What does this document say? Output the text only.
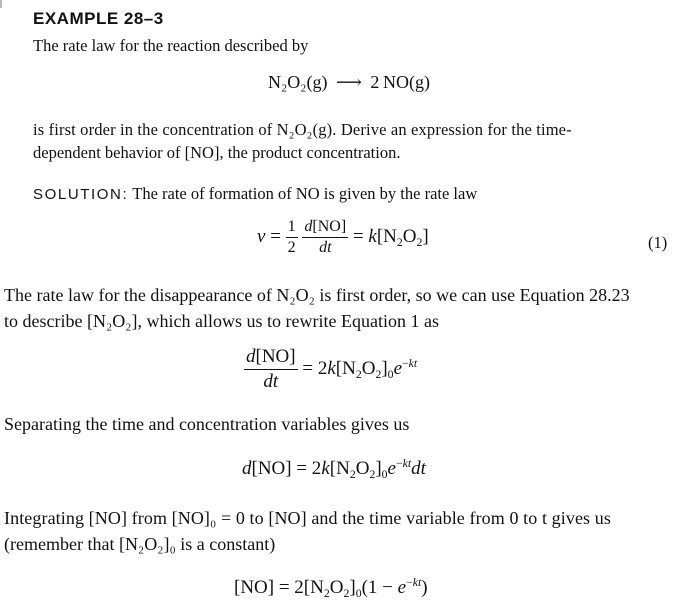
EXAMPLE 28–3
The rate law for the reaction described by
N₂O₂(g) ⟶ 2 NO(g)
is first order in the concentration of N₂O₂(g). Derive an expression for the time-
dependent behavior of [NO], the product concentration.
SOLUTION: The rate of formation of NO is given by the rate law
$v = \frac{1}{2}$
$\frac{d[NO]}{dt} = k[N_2O_2]$	(1)
The rate law for the disappearance of N₂O₂ is first order, so we can use Equation 28.23
to describe [N₂O₂], which allows us to rewrite Equation 1 as
$\frac{d[NO]}{dt} = 2k[N_2O_2]_0e^{-kt}$
Separating the time and concentration variables gives us
$d[NO] = 2k[N_2O_2]_0e^{-kt}dt$
Integrating [NO] from [NO]₀ = 0 to [NO] and the time variable from 0 to t gives us
(remember that [N₂O₂]₀ is a constant)
$[NO] = 2[N_2O_2]_0(1 - e^{-kt})$
